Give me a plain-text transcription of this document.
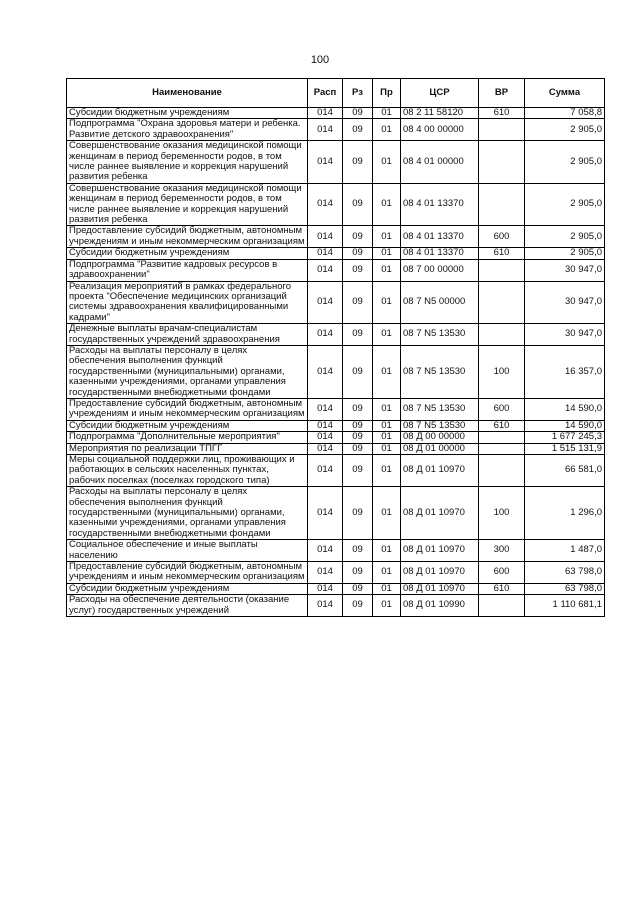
100
Наименование	Расп	Рз	Пр	ЦСР	ВР	Сумма
Субсидии бюджетным учреждениям	014	09	01	08 2 11 58120	610	7 058,8
Подпрограмма "Охрана здоровья матери и ребенка. Развитие детского здравоохранения"	014	09	01	08 4 00 00000		2 905,0
Совершенствование оказания медицинской помощи женщинам в период беременности родов, в том числе раннее выявление и коррекция нарушений развития ребенка	014	09	01	08 4 01 00000		2 905,0
Совершенствование оказания медицинской помощи женщинам в период беременности родов, в том числе раннее выявление и коррекция нарушений развития ребенка	014	09	01	08 4 01 13370		2 905,0
Предоставление субсидий бюджетным, автономным учреждениям и иным некоммерческим организациям	014	09	01	08 4 01 13370	600	2 905,0
Субсидии бюджетным учреждениям	014	09	01	08 4 01 13370	610	2 905,0
Подпрограмма "Развитие кадровых ресурсов в здравоохранении"	014	09	01	08 7 00 00000		30 947,0
Реализация мероприятий в рамках федерального проекта "Обеспечение медицинских организаций системы здравоохранения квалифицированными кадрами"	014	09	01	08 7 N5 00000		30 947,0
Денежные выплаты врачам-специалистам государственных учреждений здравоохранения	014	09	01	08 7 N5 13530		30 947,0
Расходы на выплаты персоналу в целях обеспечения выполнения функций государственными (муниципальными) органами, казенными учреждениями, органами управления государственными внебюджетными фондами	014	09	01	08 7 N5 13530	100	16 357,0
Предоставление субсидий бюджетным, автономным учреждениям и иным некоммерческим организациям	014	09	01	08 7 N5 13530	600	14 590,0
Субсидии бюджетным учреждениям	014	09	01	08 7 N5 13530	610	14 590,0
Подпрограмма "Дополнительные мероприятия"	014	09	01	08 Д 00 00000		1 677 245,3
Мероприятия по реализации ТПГГ	014	09	01	08 Д 01 00000		1 515 131,9
Меры социальной поддержки лиц, проживающих и работающих в сельских населенных пунктах, рабочих поселках (поселках городского типа)	014	09	01	08 Д 01 10970		66 581,0
Расходы на выплаты персоналу в целях обеспечения выполнения функций государственными (муниципальными) органами, казенными учреждениями, органами управления государственными внебюджетными фондами	014	09	01	08 Д 01 10970	100	1 296,0
Социальное обеспечение и иные выплаты населению	014	09	01	08 Д 01 10970	300	1 487,0
Предоставление субсидий бюджетным, автономным учреждениям и иным некоммерческим организациям	014	09	01	08 Д 01 10970	600	63 798,0
Субсидии бюджетным учреждениям	014	09	01	08 Д 01 10970	610	63 798,0
Расходы на обеспечение деятельности (оказание услуг) государственных учреждений	014	09	01	08 Д 01 10990		1 110 681,1
